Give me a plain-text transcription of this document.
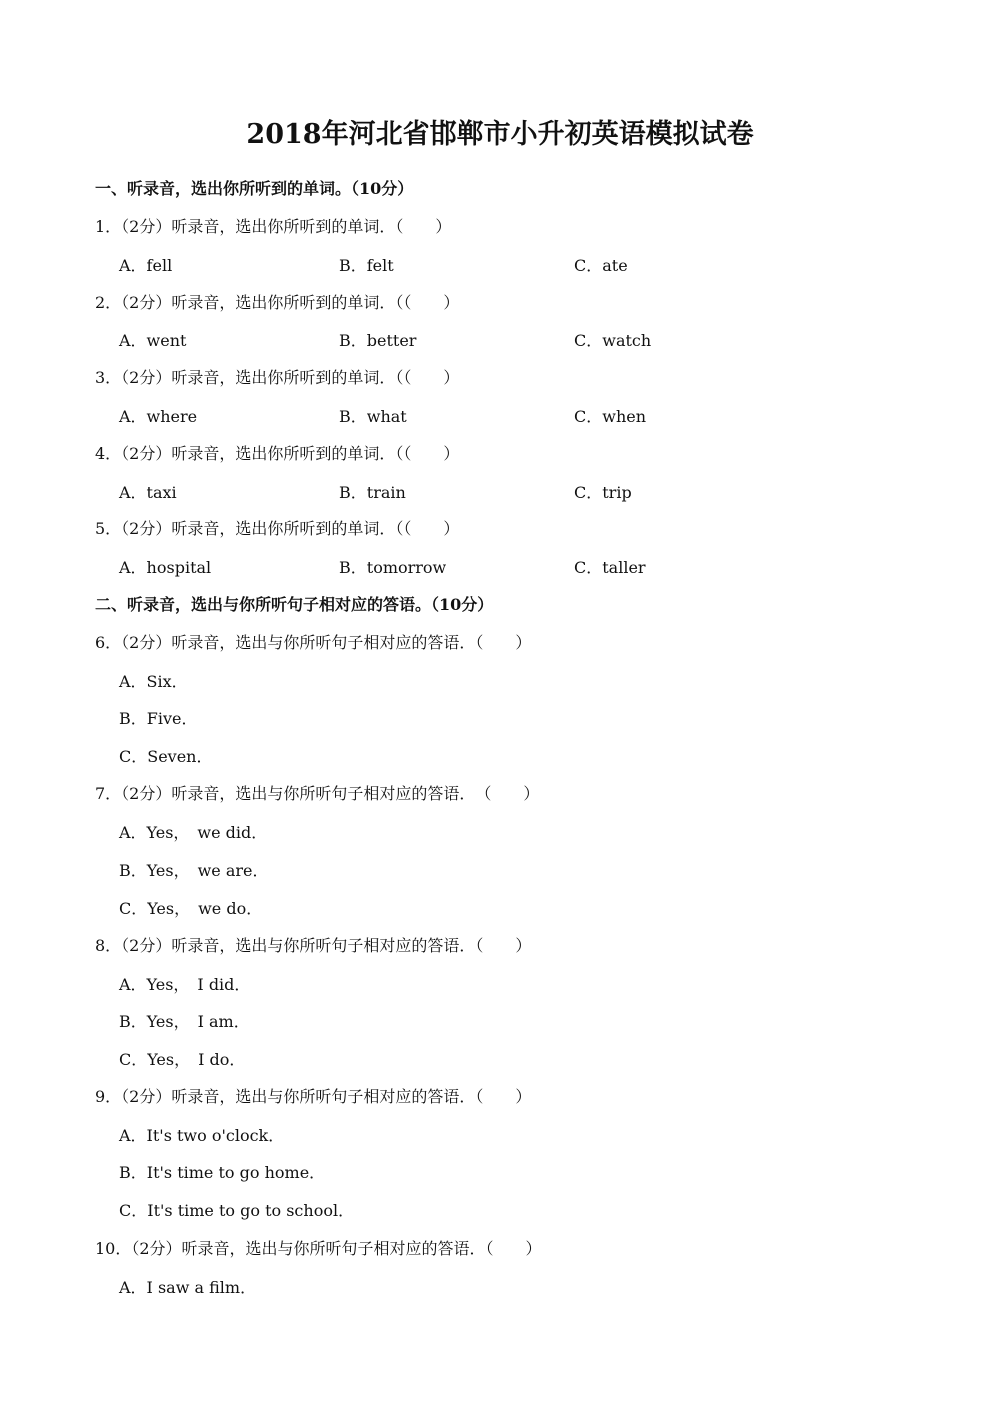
2018年河北省邯郸市小升初英语模拟试卷
一、听录音，选出你所听到的单词。（10分）
1．（2分）听录音，选出你所听到的单词．（　　）
A．fell	B．felt	C．ate
2．（2分）听录音，选出你所听到的单词．（（　　）
A．went	B．better	C．watch
3．（2分）听录音，选出你所听到的单词．（（　　）
A．where	B．what	C．when
4．（2分）听录音，选出你所听到的单词．（（　　）
A．taxi	B．train	C．trip
5．（2分）听录音，选出你所听到的单词．（（　　）
A．hospital	B．tomorrow	C．taller
二、听录音，选出与你所听句子相对应的答语。（10分）
6．（2分）听录音，选出与你所听句子相对应的答语．（　　）
A．Six．
B．Five．
C．Seven．
7．（2分）听录音，选出与你所听句子相对应的答语．　（　　）
A．Yes，　we did．
B．Yes，　we are．
C．Yes，　we do．
8．（2分）听录音，选出与你所听句子相对应的答语．（　　）
A．Yes，　I did．
B．Yes，　I am．
C．Yes，　I do．
9．（2分）听录音，选出与你所听句子相对应的答语．（　　）
A．It's two o'clock．
B．It's time to go home．
C．It's time to go to school．
10．（2分）听录音，选出与你所听句子相对应的答语．（　　）
A．I saw a film．
